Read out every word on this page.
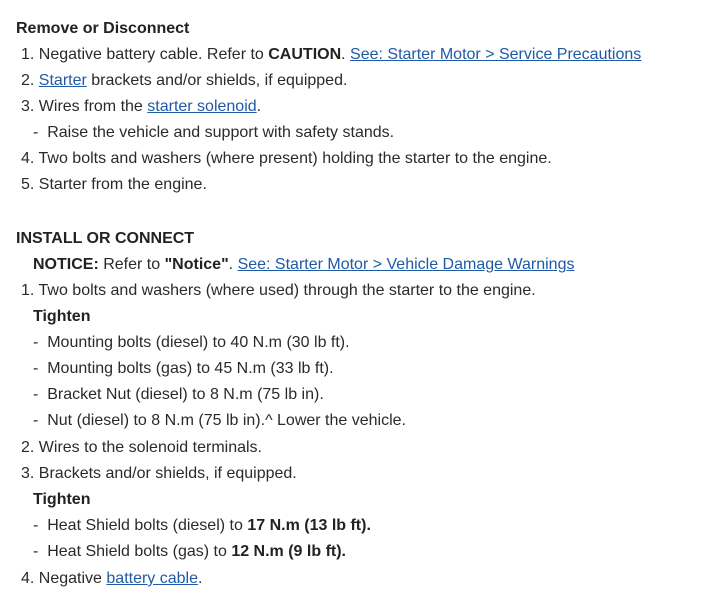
Remove or Disconnect
1. Negative battery cable. Refer to CAUTION. See: Starter Motor > Service Precautions
2. Starter brackets and/or shields, if equipped.
3. Wires from the starter solenoid.
- Raise the vehicle and support with safety stands.
4. Two bolts and washers (where present) holding the starter to the engine.
5. Starter from the engine.
INSTALL OR CONNECT
NOTICE: Refer to "Notice". See: Starter Motor > Vehicle Damage Warnings
1. Two bolts and washers (where used) through the starter to the engine.
Tighten
- Mounting bolts (diesel) to 40 N.m (30 lb ft).
- Mounting bolts (gas) to 45 N.m (33 lb ft).
- Bracket Nut (diesel) to 8 N.m (75 lb in).
- Nut (diesel) to 8 N.m (75 lb in).^ Lower the vehicle.
2. Wires to the solenoid terminals.
3. Brackets and/or shields, if equipped.
Tighten
- Heat Shield bolts (diesel) to 17 N.m (13 lb ft).
- Heat Shield bolts (gas) to 12 N.m (9 lb ft).
4. Negative battery cable.
